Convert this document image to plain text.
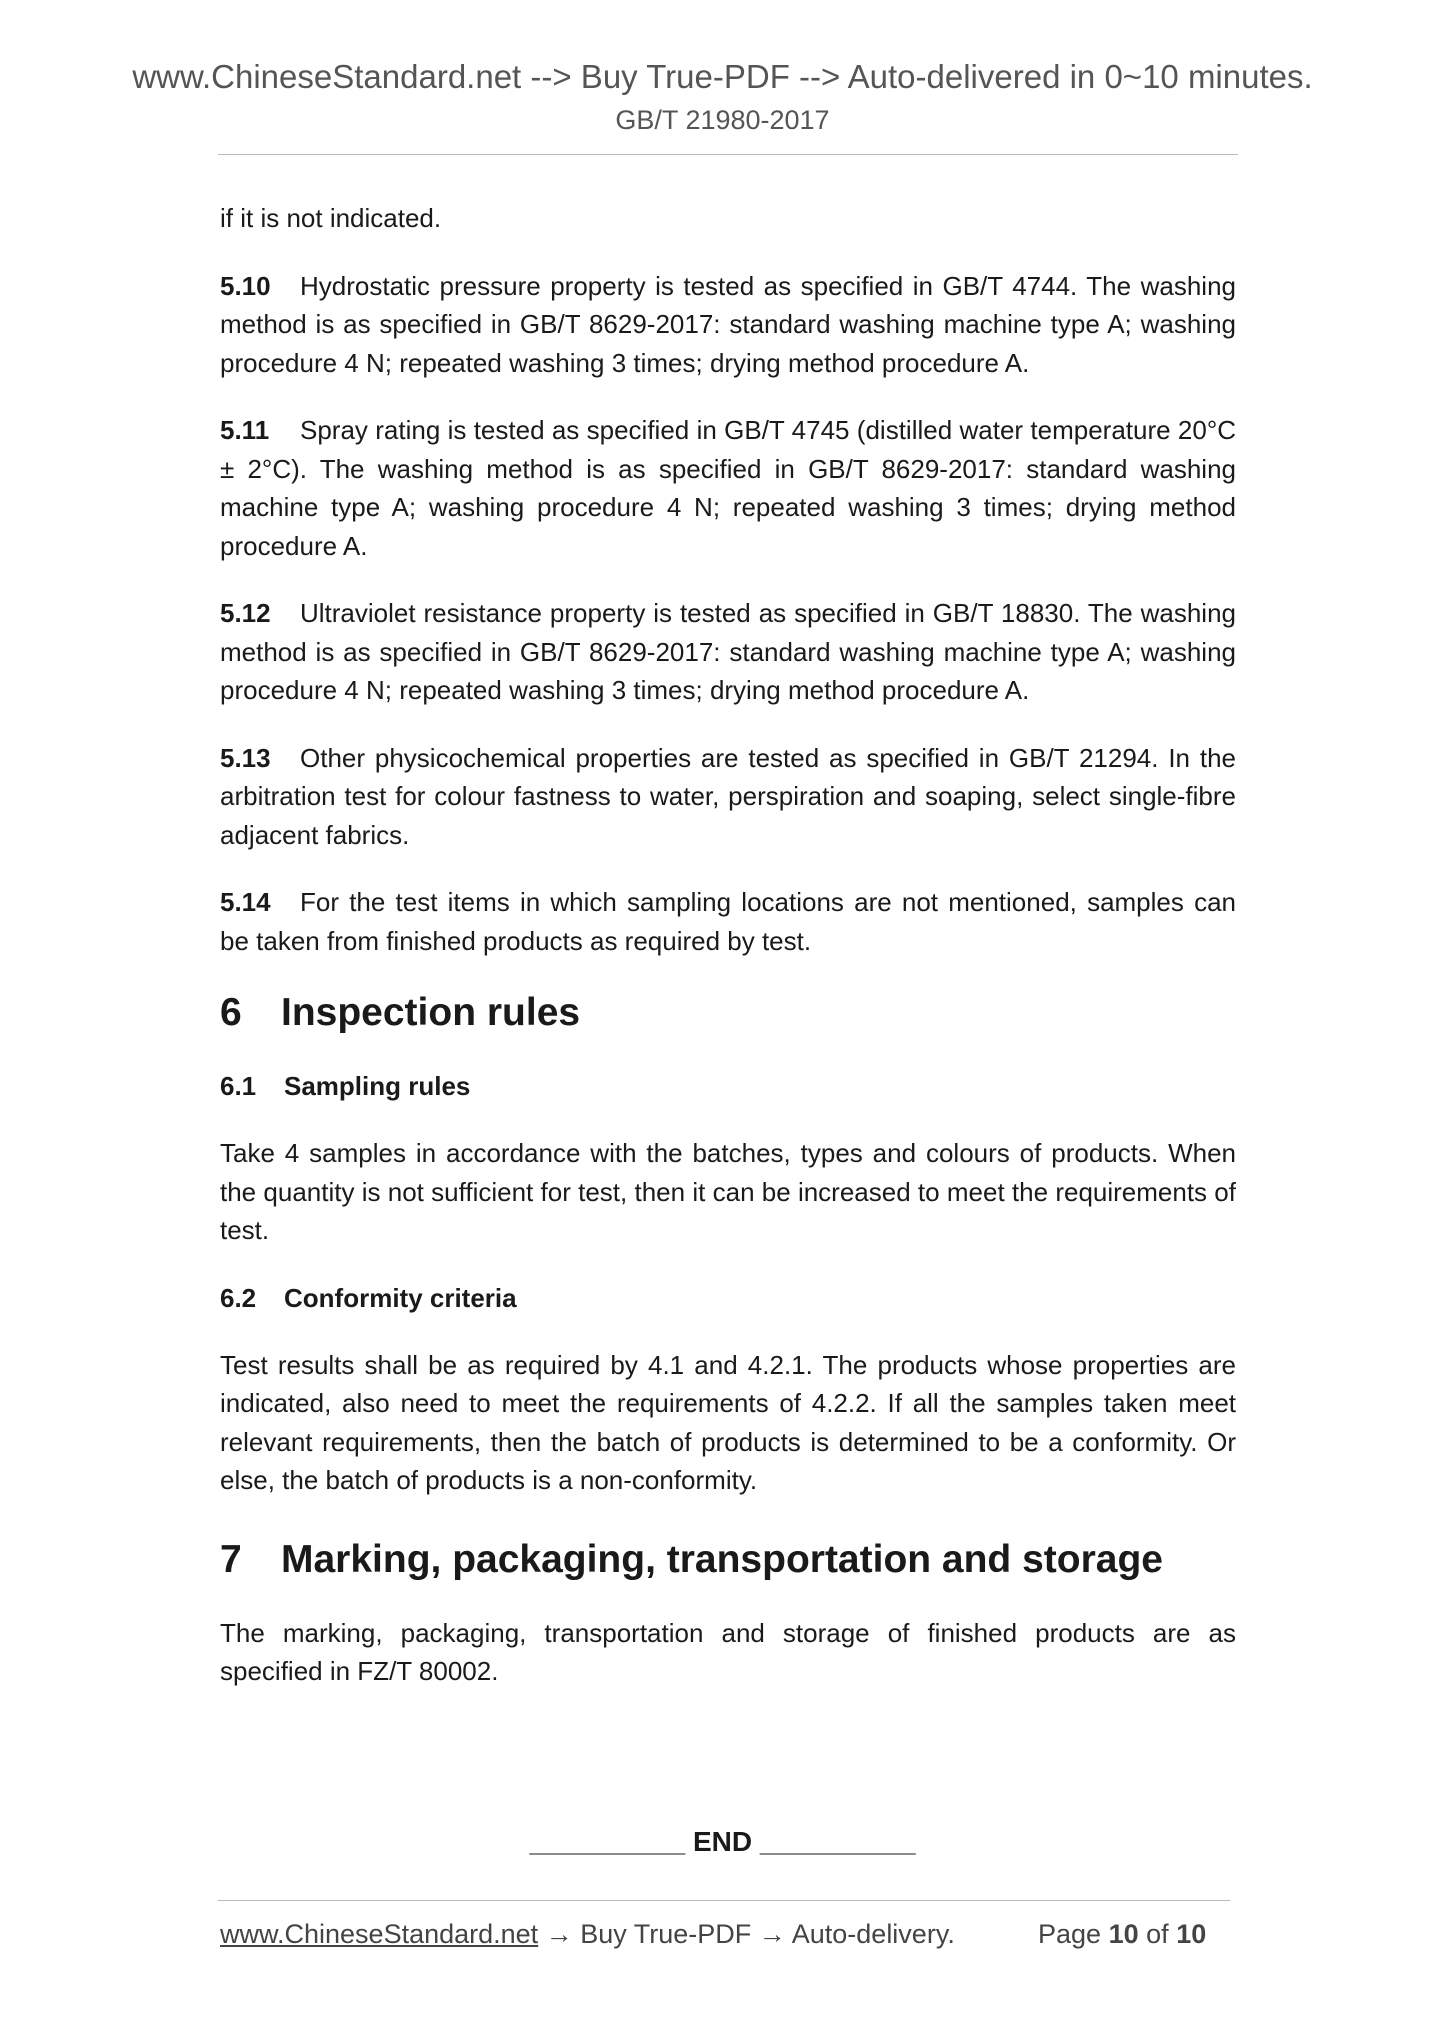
www.ChineseStandard.net --> Buy True-PDF --> Auto-delivered in 0~10 minutes.
GB/T 21980-2017

if it is not indicated.

5.10 Hydrostatic pressure property is tested as specified in GB/T 4744. The washing method is as specified in GB/T 8629-2017: standard washing machine type A; washing procedure 4 N; repeated washing 3 times; drying method procedure A.

5.11 Spray rating is tested as specified in GB/T 4745 (distilled water temperature 20°C ± 2°C). The washing method is as specified in GB/T 8629-2017: standard washing machine type A; washing procedure 4 N; repeated washing 3 times; drying method procedure A.

5.12 Ultraviolet resistance property is tested as specified in GB/T 18830. The washing method is as specified in GB/T 8629-2017: standard washing machine type A; washing procedure 4 N; repeated washing 3 times; drying method procedure A.

5.13 Other physicochemical properties are tested as specified in GB/T 21294. In the arbitration test for colour fastness to water, perspiration and soaping, select single-fibre adjacent fabrics.

5.14 For the test items in which sampling locations are not mentioned, samples can be taken from finished products as required by test.

6 Inspection rules
6.1 Sampling rules

Take 4 samples in accordance with the batches, types and colours of products. When the quantity is not sufficient for test, then it can be increased to meet the requirements of test.

6.2 Conformity criteria

Test results shall be as required by 4.1 and 4.2.1. The products whose properties are indicated, also need to meet the requirements of 4.2.2. If all the samples taken meet relevant requirements, then the batch of products is determined to be a conformity. Or else, the batch of products is a non-conformity.

7 Marking, packaging, transportation and storage

The marking, packaging, transportation and storage of finished products are as specified in FZ/T 80002.

__________ END __________
www.ChineseStandard.net → Buy True-PDF → Auto-delivery.	Page 10 of 10
